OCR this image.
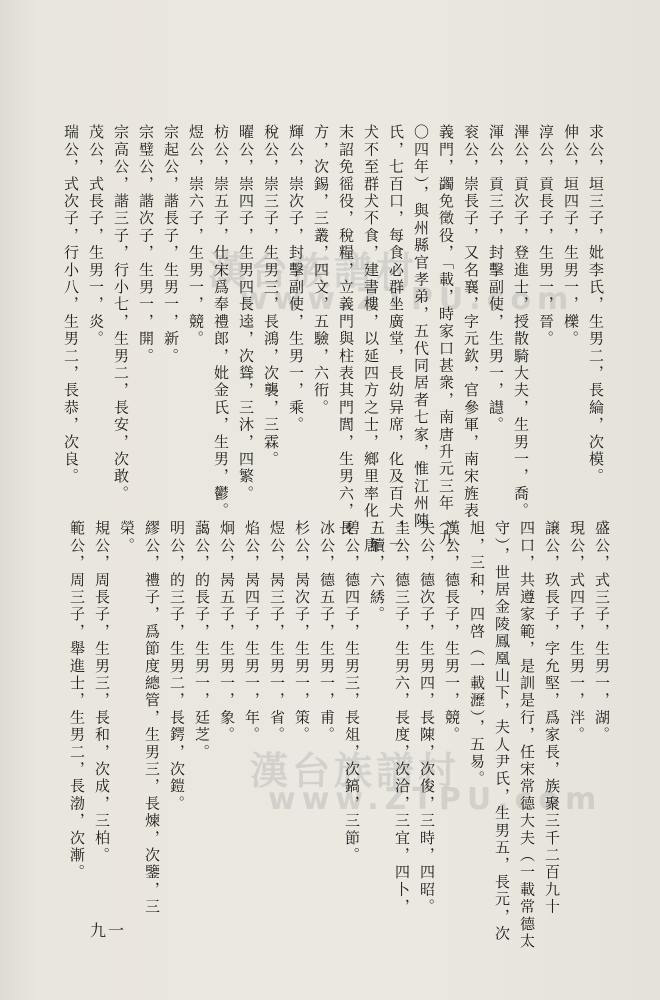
漢台族譜村
www.ZTPU.com
漢台族譜村
www.ZTPU.com
求公，垣三子，妣李氏，生男二，長綸，次模。
伸公，垣四子，生男一，櫟。
淳公，貢長子，生男一，晉。
滭公，貢次子，登進士，授散騎大夫，生男一，喬。
渾公，貢三子，封擊副使，生男一，譿。
衮公，崇長子，又名襄，字元欽，官參軍，南宋旌表
義門，蠲免徵役，「載，時家口甚衆，南唐升元三年（九
〇四年），與州縣官孝弟，五代同居者七家，惟江州陳
氏，七百口，每食必群坐廣堂，長幼异席，化及百犬，一
犬不至群犬不食，建書樓，以延四方之士，鄉里率化，唐
末詔免徭役，稅糧，立義門與柱表其門閭，生男六，長
方，次錫，三叢，四文，五驗，六衎。
輝公，崇次子，封擊副使，生男一，乘。
稅公，崇三子，生男三，長鴻，次襲，三霖。
曜公，崇四子，生男四長逵，次聳，三沐，四繁。
枋公，崇五子，仕宋爲奉禮郎，妣金氏，生男，鬱。
煜公，崇六子，生男一，競。
宗起公，諧長子，生男一，新。
宗璧公，諧次子，生男一，開。
宗高公，諧三子，行小七，生男二，長安，次敢。
茂公，式長子，生男一，炎。
瑞公，式次子，行小八，生男二，長恭，次良。
盛公，式三子，生男一，湖。
現公，式四子，生男一，泮。
譲公，玖長子，字允堅，爲家長，族聚三千二百九十
四口，共遵家範，是訓是行，任宋常德大夫（一載常德太
守），世居金陵鳳凰山下，夫人尹氏，生男五，長元，次
旭，三和，四啓（一載瀝），五易。
漢公，德長子，生男一，競。
夫公，德次子，生男四，長陳，次俊，三時，四昭。
圭公，德三子，生男六，長度，次洽，三宜，四卜，
五續，六綉。
碧公，德四子，生男三，長俎，次鎬，三節。
冰公，德五子，生男一，甫。
杉公，昺次子，生男一，策。
煜公，昺三子，生男一，省。
焰公，昺四子，生男一，年。
炯公，昺五子，生男一，象。
藹公，的長子，生男一，廷芝。
明公，的三子，生男二，長鍔，次鎧。
繆公，禮子，爲節度總管，生男三，長煉，次鑒，三
榮。
規公，周長子，生男三，長和，次成，三柏。
範公，周三子，舉進士，生男二，長渤，次漸。
九一
